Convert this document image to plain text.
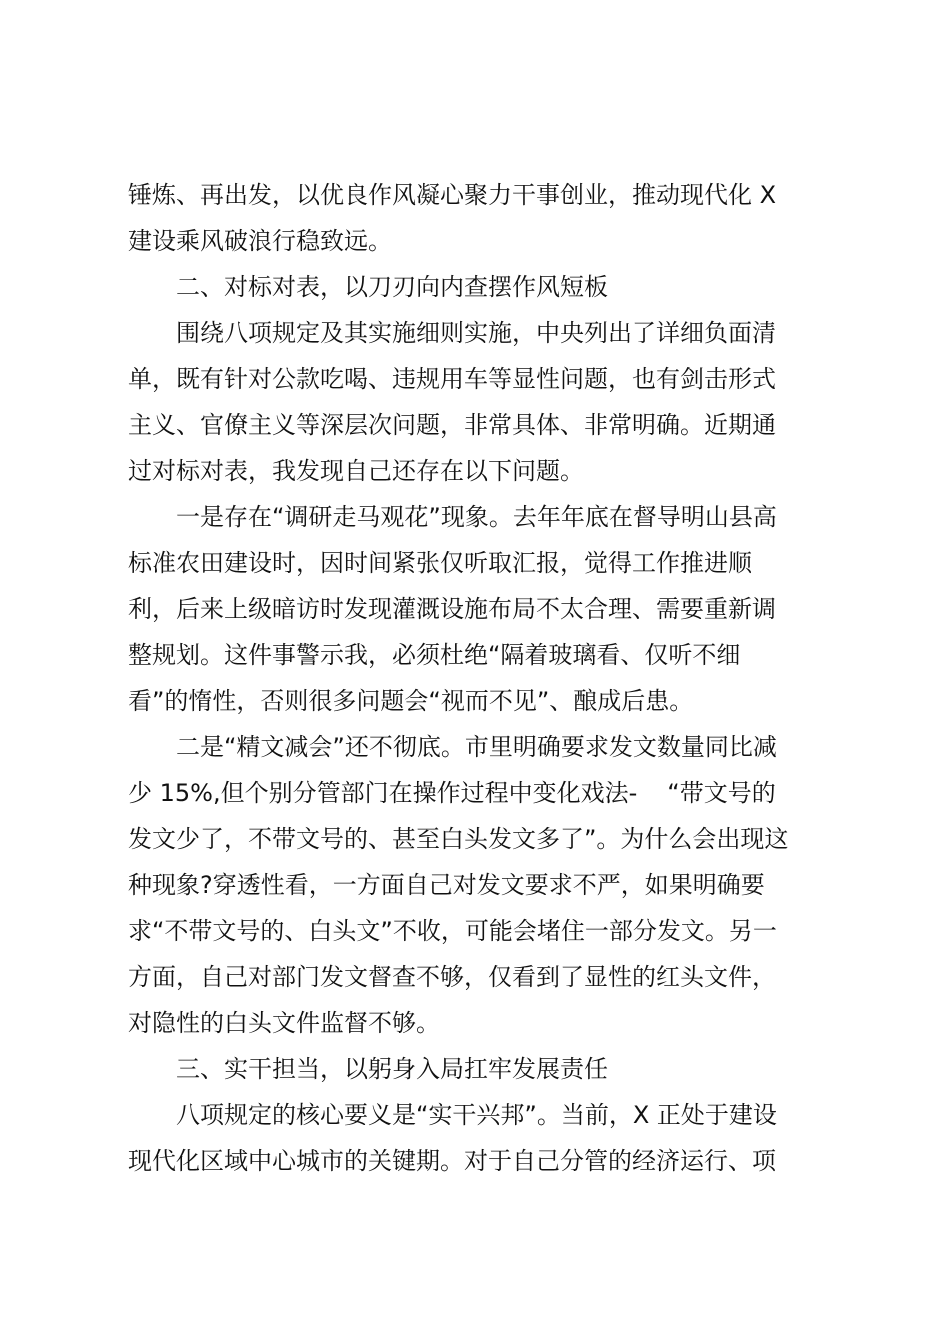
锤炼、再出发，以优良作风凝心聚力干事创业，推动现代化 X
建设乘风破浪行稳致远。
二、对标对表，以刀刃向内查摆作风短板
围绕八项规定及其实施细则实施，中央列出了详细负面清
单，既有针对公款吃喝、违规用车等显性问题，也有剑击形式
主义、官僚主义等深层次问题，非常具体、非常明确。近期通
过对标对表，我发现自己还存在以下问题。
一是存在“调研走马观花”现象。去年年底在督导明山县高
标准农田建设时，因时间紧张仅听取汇报，觉得工作推进顺
利，后来上级暗访时发现灌溉设施布局不太合理、需要重新调
整规划。这件事警示我，必须杜绝“隔着玻璃看、仅听不细
看”的惰性，否则很多问题会“视而不见”、酿成后患。
二是“精文减会”还不彻底。市里明确要求发文数量同比减
少 15%,但个别分管部门在操作过程中变化戏法- “带文号的
发文少了，不带文号的、甚至白头发文多了”。为什么会出现这
种现象?穿透性看，一方面自己对发文要求不严，如果明确要
求“不带文号的、白头文”不收，可能会堵住一部分发文。另一
方面，自己对部门发文督查不够，仅看到了显性的红头文件，
对隐性的白头文件监督不够。
三、实干担当，以躬身入局扛牢发展责任
八项规定的核心要义是“实干兴邦”。当前，X 正处于建设
现代化区域中心城市的关键期。对于自己分管的经济运行、项
